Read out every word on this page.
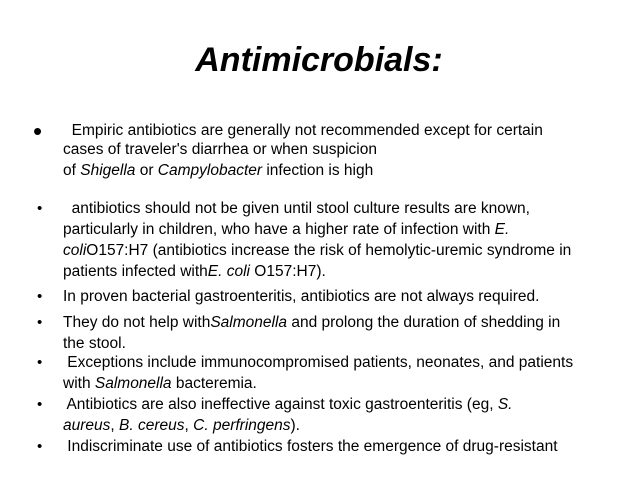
Antimicrobials:
• Empiric antibiotics are generally not recommended except for certain
cases of traveler's diarrhea or when suspicion
of Shigella or Campylobacter infection is high
•	antibiotics should not be given until stool culture results are known,
particularly in children, who have a higher rate of infection with E.
coliO157:H7 (antibiotics increase the risk of hemolytic-uremic syndrome in
patients infected withE. coli O157:H7).
•	In proven bacterial gastroenteritis, antibiotics are not always required.
•	They do not help withSalmonella and prolong the duration of shedding in
the stool.
•	Exceptions include immunocompromised patients, neonates, and patients
with Salmonella bacteremia.
•	Antibiotics are also ineffective against toxic gastroenteritis (eg, S.
aureus, B. cereus, C. perfringens).
•	Indiscriminate use of antibiotics fosters the emergence of drug-resistant
